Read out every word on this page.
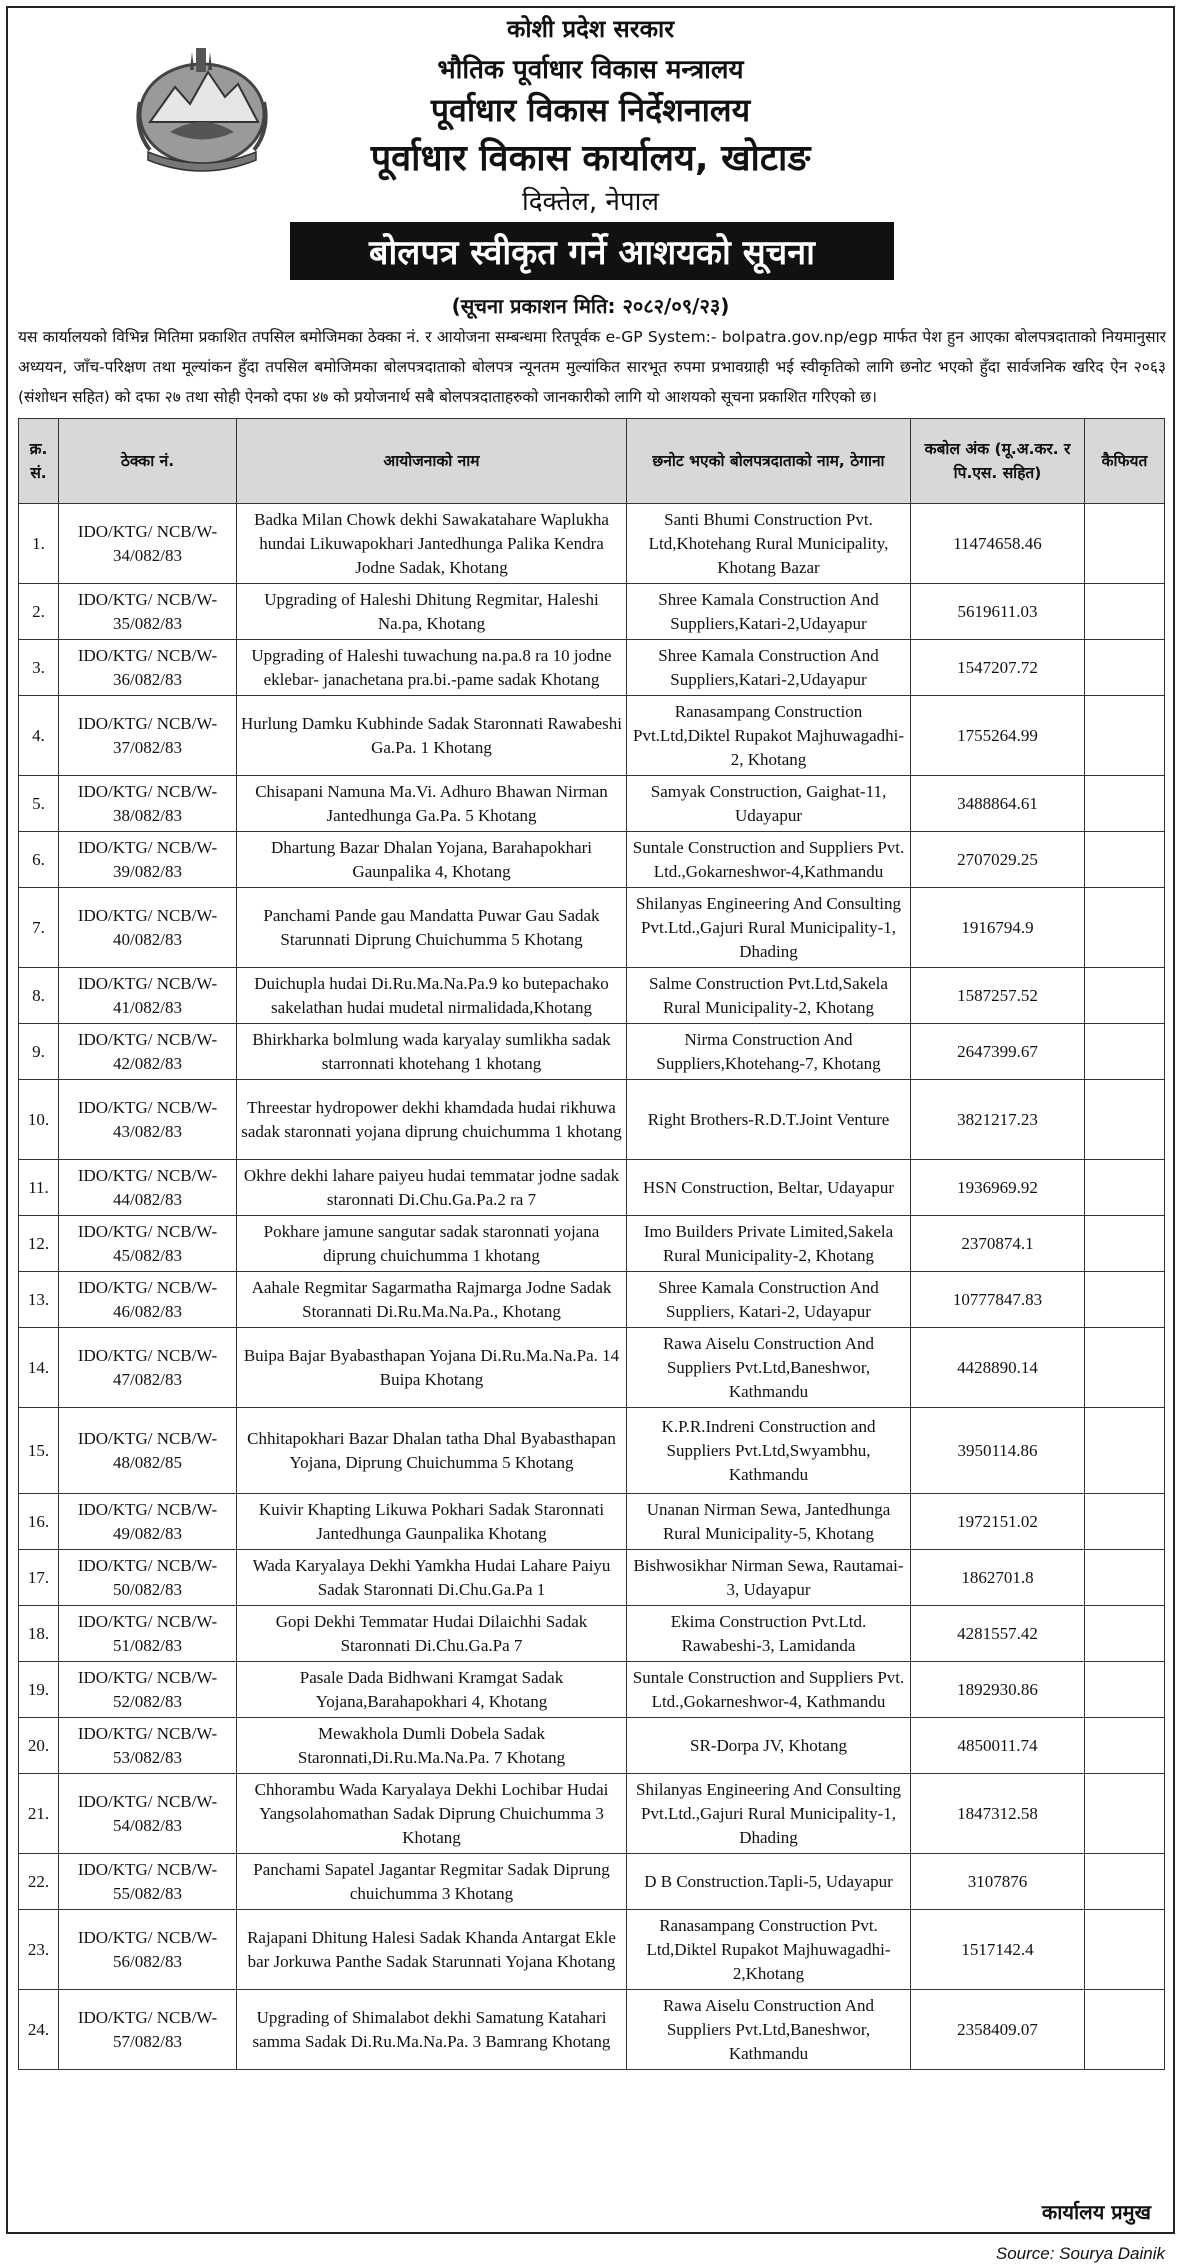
कोशी प्रदेश सरकार
भौतिक पूर्वाधार विकास मन्त्रालय
पूर्वाधार विकास निर्देशनालय
पूर्वाधार विकास कार्यालय, खोटाङ
दिक्तेल, नेपाल
बोलपत्र स्वीकृत गर्ने आशयको सूचना
(सूचना प्रकाशन मिति: २०८२/०९/२३)

यस कार्यालयको विभिन्न मितिमा प्रकाशित तपसिल बमोजिमका ठेक्का नं. र आयोजना सम्बन्धमा रितपूर्वक e-GP System:- bolpatra.gov.np/egp मार्फत पेश हुन आएका बोलपत्रदाताको नियमानुसार अध्ययन, जाँच-परिक्षण तथा मूल्यांकन हुँदा तपसिल बमोजिमका बोलपत्रदाताको बोलपत्र न्यूनतम मुल्यांकित सारभूत रुपमा प्रभावग्राही भई स्वीकृतिको लागि छनोट भएको हुँदा सार्वजनिक खरिद ऐन २०६३ (संशोधन सहित) को दफा २७ तथा सोही ऐनको दफा ४७ को प्रयोजनार्थ सबै बोलपत्रदाताहरुको जानकारीको लागि यो आशयको सूचना प्रकाशित गरिएको छ।

क्र. सं.	ठेक्का नं.	आयोजनाको नाम	छनोट भएको बोलपत्रदाताको नाम, ठेगाना	कबोल अंक (मू.अ.कर. र पि.एस. सहित)	कैफियत
1.	IDO/KTG/ NCB/W-34/082/83	Badka Milan Chowk dekhi Sawakatahare Waplukha hundai Likuwapokhari Jantedhunga Palika Kendra Jodne Sadak, Khotang	Santi Bhumi Construction Pvt. Ltd,Khotehang Rural Municipality, Khotang Bazar	11474658.46	
2.	IDO/KTG/ NCB/W-35/082/83	Upgrading of Haleshi Dhitung Regmitar, Haleshi Na.pa, Khotang	Shree Kamala Construction And Suppliers,Katari-2,Udayapur	5619611.03	
3.	IDO/KTG/ NCB/W-36/082/83	Upgrading of Haleshi tuwachung na.pa.8 ra 10 jodne eklebar- janachetana pra.bi.-pame sadak Khotang	Shree Kamala Construction And Suppliers,Katari-2,Udayapur	1547207.72	
4.	IDO/KTG/ NCB/W-37/082/83	Hurlung Damku Kubhinde Sadak Staronnati Rawabeshi Ga.Pa. 1 Khotang	Ranasampang Construction Pvt.Ltd,Diktel Rupakot Majhuwagadhi-2, Khotang	1755264.99	
5.	IDO/KTG/ NCB/W-38/082/83	Chisapani Namuna Ma.Vi. Adhuro Bhawan Nirman Jantedhunga Ga.Pa. 5 Khotang	Samyak Construction, Gaighat-11, Udayapur	3488864.61	
6.	IDO/KTG/ NCB/W-39/082/83	Dhartung Bazar Dhalan Yojana, Barahapokhari Gaunpalika 4, Khotang	Suntale Construction and Suppliers Pvt. Ltd.,Gokarneshwor-4,Kathmandu	2707029.25	
7.	IDO/KTG/ NCB/W-40/082/83	Panchami Pande gau Mandatta Puwar Gau Sadak Starunnati Diprung Chuichumma 5 Khotang	Shilanyas Engineering And Consulting Pvt.Ltd.,Gajuri Rural Municipality-1, Dhading	1916794.9	
8.	IDO/KTG/ NCB/W-41/082/83	Duichupla hudai Di.Ru.Ma.Na.Pa.9 ko butepachako sakelathan hudai mudetal nirmalidada,Khotang	Salme Construction Pvt.Ltd,Sakela Rural Municipality-2, Khotang	1587257.52	
9.	IDO/KTG/ NCB/W-42/082/83	Bhirkharka bolmlung wada karyalay sumlikha sadak starronnati khotehang 1 khotang	Nirma Construction And Suppliers,Khotehang-7, Khotang	2647399.67	
10.	IDO/KTG/ NCB/W-43/082/83	Threestar hydropower dekhi khamdada hudai rikhuwa sadak staronnati yojana diprung chuichumma 1 khotang	Right Brothers-R.D.T.Joint Venture	3821217.23	
11.	IDO/KTG/ NCB/W-44/082/83	Okhre dekhi lahare paiyeu hudai temmatar jodne sadak staronnati Di.Chu.Ga.Pa.2 ra 7	HSN Construction, Beltar, Udayapur	1936969.92	
12.	IDO/KTG/ NCB/W-45/082/83	Pokhare jamune sangutar sadak staronnati yojana diprung chuichumma 1 khotang	Imo Builders Private Limited,Sakela Rural Municipality-2, Khotang	2370874.1	
13.	IDO/KTG/ NCB/W-46/082/83	Aahale Regmitar Sagarmatha Rajmarga Jodne Sadak Storannati Di.Ru.Ma.Na.Pa., Khotang	Shree Kamala Construction And Suppliers, Katari-2, Udayapur	10777847.83	
14.	IDO/KTG/ NCB/W-47/082/83	Buipa Bajar Byabasthapan Yojana Di.Ru.Ma.Na.Pa. 14 Buipa Khotang	Rawa Aiselu Construction And Suppliers Pvt.Ltd,Baneshwor, Kathmandu	4428890.14	
15.	IDO/KTG/ NCB/W-48/082/85	Chhitapokhari Bazar Dhalan tatha Dhal Byabasthapan Yojana, Diprung Chuichumma 5 Khotang	K.P.R.Indreni Construction and Suppliers Pvt.Ltd,Swyambhu, Kathmandu	3950114.86	
16.	IDO/KTG/ NCB/W-49/082/83	Kuivir Khapting Likuwa Pokhari Sadak Staronnati Jantedhunga Gaunpalika Khotang	Unanan Nirman Sewa, Jantedhunga Rural Municipality-5, Khotang	1972151.02	
17.	IDO/KTG/ NCB/W-50/082/83	Wada Karyalaya Dekhi Yamkha Hudai Lahare Paiyu Sadak Staronnati Di.Chu.Ga.Pa 1	Bishwosikhar Nirman Sewa, Rautamai-3, Udayapur	1862701.8	
18.	IDO/KTG/ NCB/W-51/082/83	Gopi Dekhi Temmatar Hudai Dilaichhi Sadak Staronnati Di.Chu.Ga.Pa 7	Ekima Construction Pvt.Ltd. Rawabeshi-3, Lamidanda	4281557.42	
19.	IDO/KTG/ NCB/W-52/082/83	Pasale Dada Bidhwani Kramgat Sadak Yojana,Barahapokhari 4, Khotang	Suntale Construction and Suppliers Pvt. Ltd.,Gokarneshwor-4, Kathmandu	1892930.86	
20.	IDO/KTG/ NCB/W-53/082/83	Mewakhola Dumli Dobela Sadak Staronnati,Di.Ru.Ma.Na.Pa. 7 Khotang	SR-Dorpa JV, Khotang	4850011.74	
21.	IDO/KTG/ NCB/W-54/082/83	Chhorambu Wada Karyalaya Dekhi Lochibar Hudai Yangsolahomathan Sadak Diprung Chuichumma 3 Khotang	Shilanyas Engineering And Consulting Pvt.Ltd.,Gajuri Rural Municipality-1, Dhading	1847312.58	
22.	IDO/KTG/ NCB/W-55/082/83	Panchami Sapatel Jagantar Regmitar Sadak Diprung chuichumma 3 Khotang	D B Construction.Tapli-5, Udayapur	3107876	
23.	IDO/KTG/ NCB/W-56/082/83	Rajapani Dhitung Halesi Sadak Khanda Antargat Ekle bar Jorkuwa Panthe Sadak Starunnati Yojana Khotang	Ranasampang Construction Pvt. Ltd,Diktel Rupakot Majhuwagadhi-2,Khotang	1517142.4	
24.	IDO/KTG/ NCB/W-57/082/83	Upgrading of Shimalabot dekhi Samatung Katahari samma Sadak Di.Ru.Ma.Na.Pa. 3 Bamrang Khotang	Rawa Aiselu Construction And Suppliers Pvt.Ltd,Baneshwor, Kathmandu	2358409.07	
कार्यालय प्रमुख
Source: Sourya Dainik
